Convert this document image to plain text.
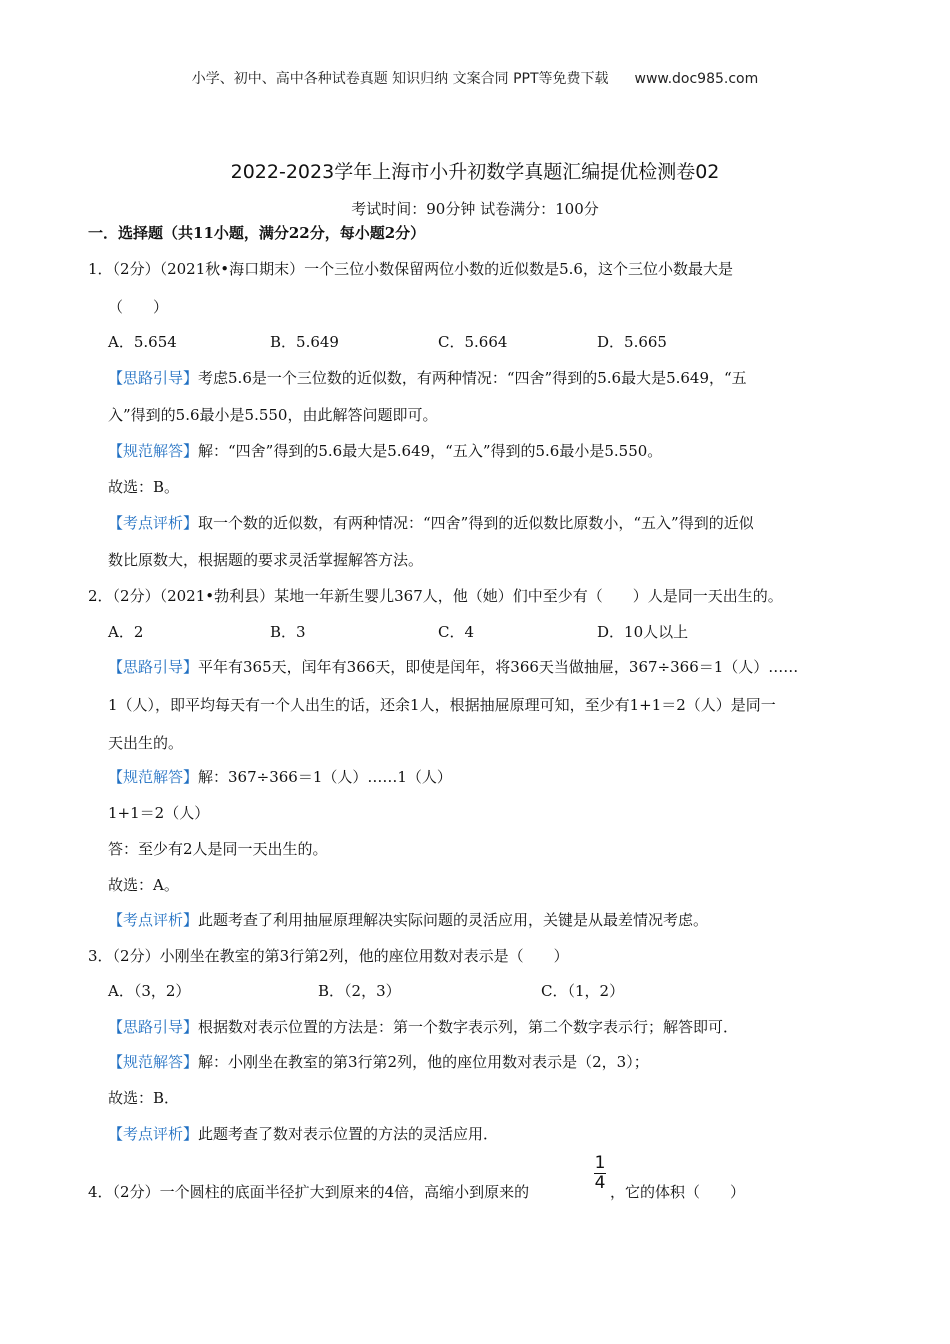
小学、初中、高中各种试卷真题 知识归纳 文案合同 PPT等免费下载 www.doc985.com
2022-2023学年上海市小升初数学真题汇编提优检测卷02
考试时间：90分钟 试卷满分：100分
一．选择题（共11小题，满分22分，每小题2分）
1．（2分）（2021秋•海口期末）一个三位小数保留两位小数的近似数是5.6，这个三位小数最大是
（　　）
A．5.654	B．5.649	C．5.664	D．5.665
【思路引导】考虑5.6是一个三位数的近似数，有两种情况：“四舍”得到的5.6最大是5.649，“五
入”得到的5.6最小是5.550，由此解答问题即可。
【规范解答】解：“四舍”得到的5.6最大是5.649，“五入”得到的5.6最小是5.550。
故选：B。
【考点评析】取一个数的近似数，有两种情况：“四舍”得到的近似数比原数小，“五入”得到的近似
数比原数大，根据题的要求灵活掌握解答方法。
2．（2分）（2021•勃利县）某地一年新生婴儿367人，他（她）们中至少有（　　）人是同一天出生的。
A．2	B．3	C．4	D．10人以上
【思路引导】平年有365天，闰年有366天，即使是闰年，将366天当做抽屉，367÷366＝1（人）……
1（人），即平均每天有一个人出生的话，还余1人，根据抽屉原理可知，至少有1+1＝2（人）是同一
天出生的。
【规范解答】解：367÷366＝1（人）……1（人）
1+1＝2（人）
答：至少有2人是同一天出生的。
故选：A。
【考点评析】此题考查了利用抽屉原理解决实际问题的灵活应用，关键是从最差情况考虑。
3．（2分）小刚坐在教室的第3行第2列，他的座位用数对表示是（　　）
A．（3，2）	B．（2，3）	C．（1，2）
【思路引导】根据数对表示位置的方法是：第一个数字表示列，第二个数字表示行；解答即可．
【规范解答】解：小刚坐在教室的第3行第2列，他的座位用数对表示是（2，3）；
故选：B．
【考点评析】此题考查了数对表示位置的方法的灵活应用．
4．（2分）一个圆柱的底面半径扩大到原来的4倍，高缩小到原来的
1
4 ，它的体积（　　）
